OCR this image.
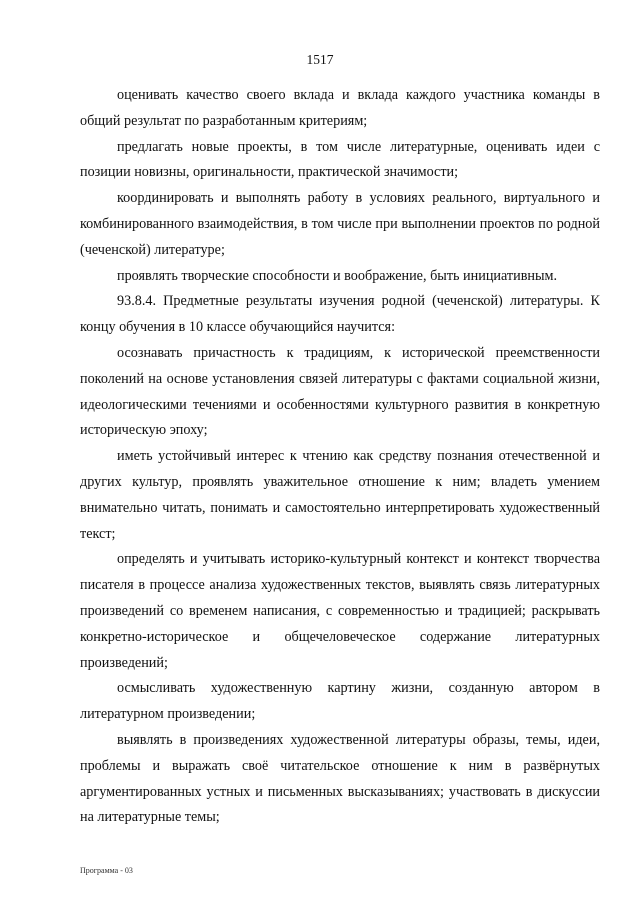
1517

оценивать качество своего вклада и вклада каждого участника команды в общий результат по разработанным критериям;

предлагать новые проекты, в том числе литературные, оценивать идеи с позиции новизны, оригинальности, практической значимости;

координировать и выполнять работу в условиях реального, виртуального и комбинированного взаимодействия, в том числе при выполнении проектов по родной (чеченской) литературе;

проявлять творческие способности и воображение, быть инициативным.

93.8.4. Предметные результаты изучения родной (чеченской) литературы. К концу обучения в 10 классе обучающийся научится:

осознавать причастность к традициям, к исторической преемственности поколений на основе установления связей литературы с фактами социальной жизни, идеологическими течениями и особенностями культурного развития в конкретную историческую эпоху;

иметь устойчивый интерес к чтению как средству познания отечественной и других культур, проявлять уважительное отношение к ним; владеть умением внимательно читать, понимать и самостоятельно интерпретировать художественный текст;

определять и учитывать историко-культурный контекст и контекст творчества писателя в процессе анализа художественных текстов, выявлять связь литературных произведений со временем написания, с современностью и традицией; раскрывать конкретно-историческое и общечеловеческое содержание литературных произведений;

осмысливать художественную картину жизни, созданную автором в литературном произведении;

выявлять в произведениях художественной литературы образы, темы, идеи, проблемы и выражать своё читательское отношение к ним в развёрнутых аргументированных устных и письменных высказываниях; участвовать в дискуссии на литературные темы;

Программа - 03
